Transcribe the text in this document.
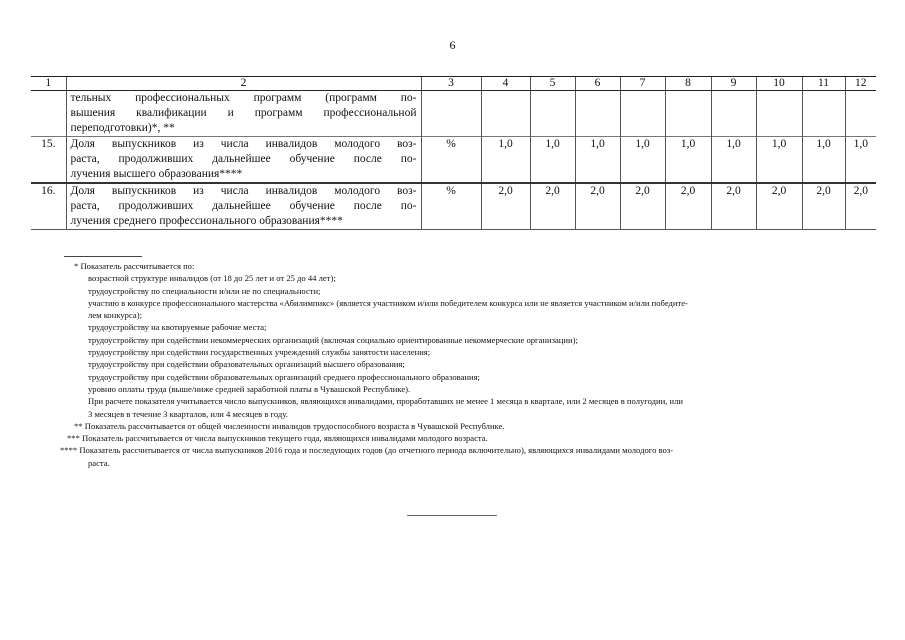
6
1	2	3	4	5	6	7	8	9	10	11	12

	тельных профессиональных программ (программ по-
вышения квалификации и программ профессиональной
переподготовки)*, **										

15.	Доля выпускников из числа инвалидов молодого воз-
раста, продолживших дальнейшее обучение после по-
лучения высшего образования****	%	1,0	1,0	1,0	1,0	1,0	1,0	1,0	1,0	1,0
16.	Доля выпускников из числа инвалидов молодого воз-
раста, продолживших дальнейшее обучение после по-
лучения среднего профессионального образования****	%	2,0	2,0	2,0	2,0	2,0	2,0	2,0	2,0	2,0

* Показатель рассчитывается по:

возрастной структуре инвалидов (от 18 до 25 лет и от 25 до 44 лет);

трудоустройству по специальности и/или не по специальности;

участию в конкурсе профессионального мастерства «Абилимпикс» (является участником и/или победителем конкурса или не является участником и/или победите-

лем конкурса);

трудоустройству на квотируемые рабочие места;

трудоустройству при содействии некоммерческих организаций (включая социально ориентированные некоммерческие организации);

трудоустройству при содействии государственных учреждений службы занятости населения;

трудоустройству при содействии образовательных организаций высшего образования;

трудоустройству при содействии образовательных организаций среднего профессионального образования;

уровню оплаты труда (выше/ниже средней заработной платы в Чувашской Республике).

При расчете показателя учитывается число выпускников, являющихся инвалидами, проработавших не менее 1 месяца в квартале, или 2 месяцев в полугодии, или

3 месяцев в течение 3 кварталов, или 4 месяцев в году.

** Показатель рассчитывается от общей численности инвалидов трудоспособного возраста в Чувашской Республике.

*** Показатель рассчитывается от числа выпускников текущего года, являющихся инвалидами молодого возраста.

**** Показатель рассчитывается от числа выпускников 2016 года и последующих годов (до отчетного периода включительно), являющихся инвалидами молодого воз-

раста.
